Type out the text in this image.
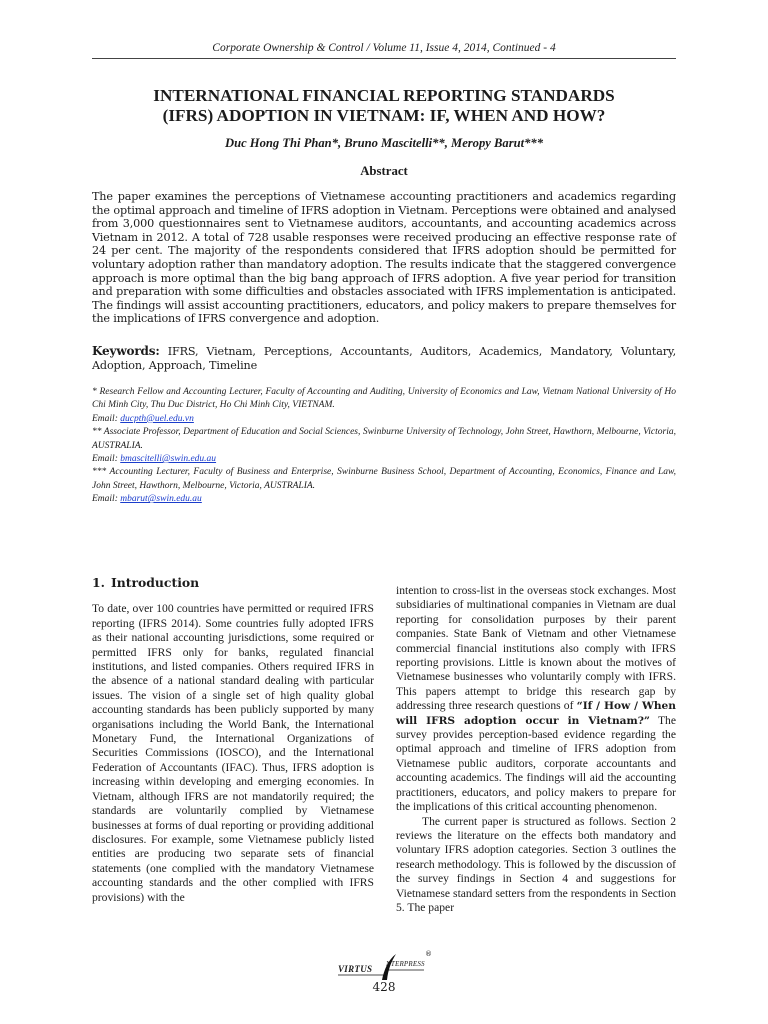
Corporate Ownership & Control / Volume 11, Issue 4, 2014, Continued - 4
INTERNATIONAL FINANCIAL REPORTING STANDARDS
(IFRS) ADOPTION IN VIETNAM: IF, WHEN AND HOW?

Duc Hong Thi Phan*, Bruno Mascitelli**, Meropy Barut***

Abstract

The paper examines the perceptions of Vietnamese accounting practitioners and academics regarding the optimal approach and timeline of IFRS adoption in Vietnam. Perceptions were obtained and analysed from 3,000 questionnaires sent to Vietnamese auditors, accountants, and accounting academics across Vietnam in 2012. A total of 728 usable responses were received producing an effective response rate of 24 per cent. The majority of the respondents considered that IFRS adoption should be permitted for voluntary adoption rather than mandatory adoption. The results indicate that the staggered convergence approach is more optimal than the big bang approach of IFRS adoption. A five year period for transition and preparation with some difficulties and obstacles associated with IFRS implementation is anticipated. The findings will assist accounting practitioners, educators, and policy makers to prepare themselves for the implications of IFRS convergence and adoption.

Keywords: IFRS, Vietnam, Perceptions, Accountants, Auditors, Academics, Mandatory, Voluntary, Adoption, Approach, Timeline

* Research Fellow and Accounting Lecturer, Faculty of Accounting and Auditing, University of Economics and Law, Vietnam National University of Ho Chi Minh City, Thu Duc District, Ho Chi Minh City, VIETNAM.

Email: ducpth@uel.edu.vn

** Associate Professor, Department of Education and Social Sciences, Swinburne University of Technology, John Street, Hawthorn, Melbourne, Victoria, AUSTRALIA.

Email: bmascitelli@swin.edu.au

*** Accounting Lecturer, Faculty of Business and Enterprise, Swinburne Business School, Department of Accounting, Economics, Finance and Law, John Street, Hawthorn, Melbourne, Victoria, AUSTRALIA.

Email: mbarut@swin.edu.au

1. Introduction

To date, over 100 countries have permitted or required IFRS reporting (IFRS 2014). Some countries fully adopted IFRS as their national accounting jurisdictions, some required or permitted IFRS only for banks, regulated financial institutions, and listed companies. Others required IFRS in the absence of a national standard dealing with particular issues. The vision of a single set of high quality global accounting standards has been publicly supported by many organisations including the World Bank, the International Monetary Fund, the International Organizations of Securities Commissions (IOSCO), and the International Federation of Accountants (IFAC). Thus, IFRS adoption is increasing within developing and emerging economies. In Vietnam, although IFRS are not mandatorily required; the standards are voluntarily complied by Vietnamese businesses at forms of dual reporting or providing additional disclosures. For example, some Vietnamese publicly listed entities are producing two separate sets of financial statements (one complied with the mandatory Vietnamese accounting standards and the other complied with IFRS provisions) with the

intention to cross-list in the overseas stock exchanges. Most subsidiaries of multinational companies in Vietnam are dual reporting for consolidation purposes by their parent companies. State Bank of Vietnam and other Vietnamese commercial financial institutions also comply with IFRS reporting provisions. Little is known about the motives of Vietnamese businesses who voluntarily comply with IFRS. This papers attempt to bridge this research gap by addressing three research questions of “If / How / When will IFRS adoption occur in Vietnam?” The survey provides perception-based evidence regarding the optimal approach and timeline of IFRS adoption from Vietnamese public auditors, corporate accountants and accounting academics. The findings will aid the accounting practitioners, educators, and policy makers to prepare for the implications of this critical accounting phenomenon.

The current paper is structured as follows. Section 2 reviews the literature on the effects both mandatory and voluntary IFRS adoption categories. Section 3 outlines the research methodology. This is followed by the discussion of the survey findings in Section 4 and suggestions for Vietnamese standard setters from the respondents in Section 5. The paper

VIRTUS NTERPRESS
®
428
